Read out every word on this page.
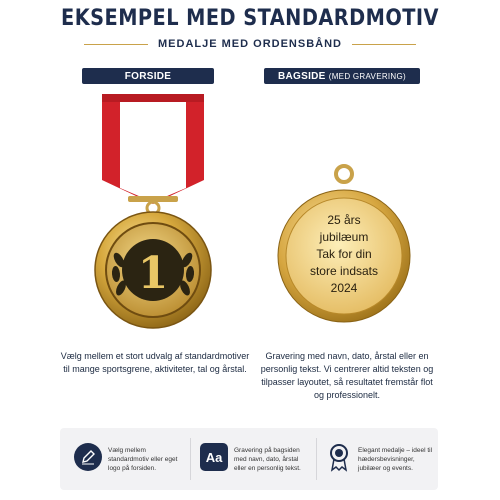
EKSEMPEL MED STANDARDMOTIV
MEDALJE MED ORDENSBÅND
FORSIDE	BAGSIDE
(MED GRAVERING)
1
25 års
jubilæum
Tak for din
store indsats
2024
Vælg mellem et stort udvalg af standardmotiver til mange sportsgrene, aktiviteter, tal og årstal.
Gravering med navn, dato, årstal eller en personlig tekst. Vi centrerer altid teksten og tilpasser layoutet, så resultatet fremstår flot og professionelt.
Vælg mellem standardmotiv eller eget logo på forsiden.
Aa Gravering på bagsiden med navn, dato, årstal eller en personlig tekst.
Elegant medalje – ideel til hædersbevisninger, jubilæer og events.
